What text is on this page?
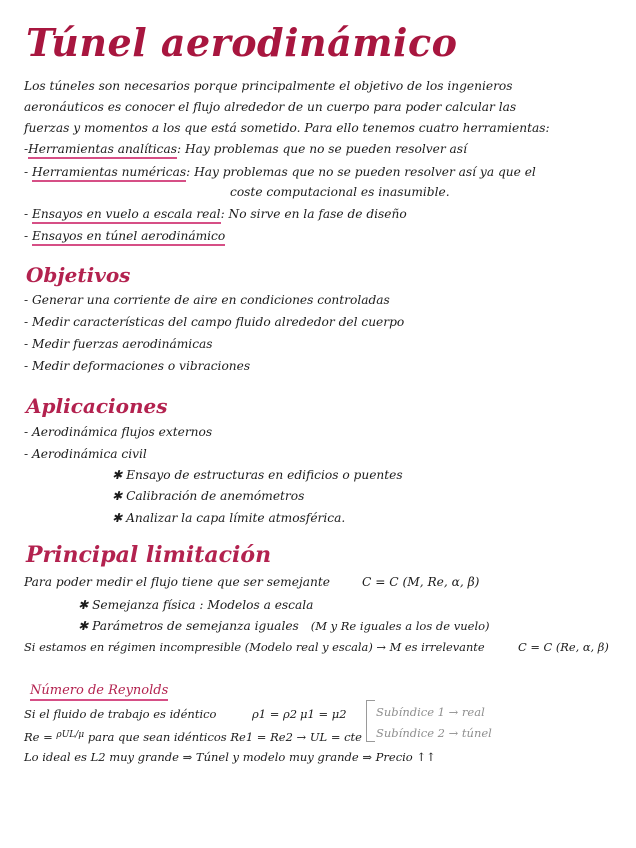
Túnel aerodinámico
Los túneles son necesarios porque principalmente el objetivo de los ingenieros
aeronáuticos es conocer el flujo alrededor de un cuerpo para poder calcular las
fuerzas y momentos a los que está sometido. Para ello tenemos cuatro herramientas:
-Herramientas analíticas: Hay problemas que no se pueden resolver así
- Herramientas numéricas: Hay problemas que no se pueden resolver así ya que el
coste computacional es inasumible.
- Ensayos en vuelo a escala real: No sirve en la fase de diseño
- Ensayos en túnel aerodinámico
Objetivos
- Generar una corriente de aire en condiciones controladas
- Medir características del campo fluido alrededor del cuerpo
- Medir fuerzas aerodinámicas
- Medir deformaciones o vibraciones
Aplicaciones
- Aerodinámica flujos externos
- Aerodinámica civil
✱ Ensayo de estructuras en edificios o puentes
✱ Calibración de anemómetros
✱ Analizar la capa límite atmosférica.
Principal limitación
Para poder medir el flujo tiene que ser semejante	C = C (M, Re, α, β)
✱ Semejanza física : Modelos a escala
✱ Parámetros de semejanza iguales (M y Re iguales a los de vuelo)
Si estamos en régimen incompresible (Modelo real y escala) → M es irrelevante	C = C (Re, α, β)
Número de Reynolds
Si el fluido de trabajo es idéntico	ρ1 = ρ2 μ1 = μ2	Subíndice 1 → real
Subíndice 2 → túnel
Re = $^{\rho UL/\mu}$ para que sean idénticos Re1 = Re2 → UL = cte
Lo ideal es L2 muy grande ⇒ Túnel y modelo muy grande ⇒ Precio ↑↑
